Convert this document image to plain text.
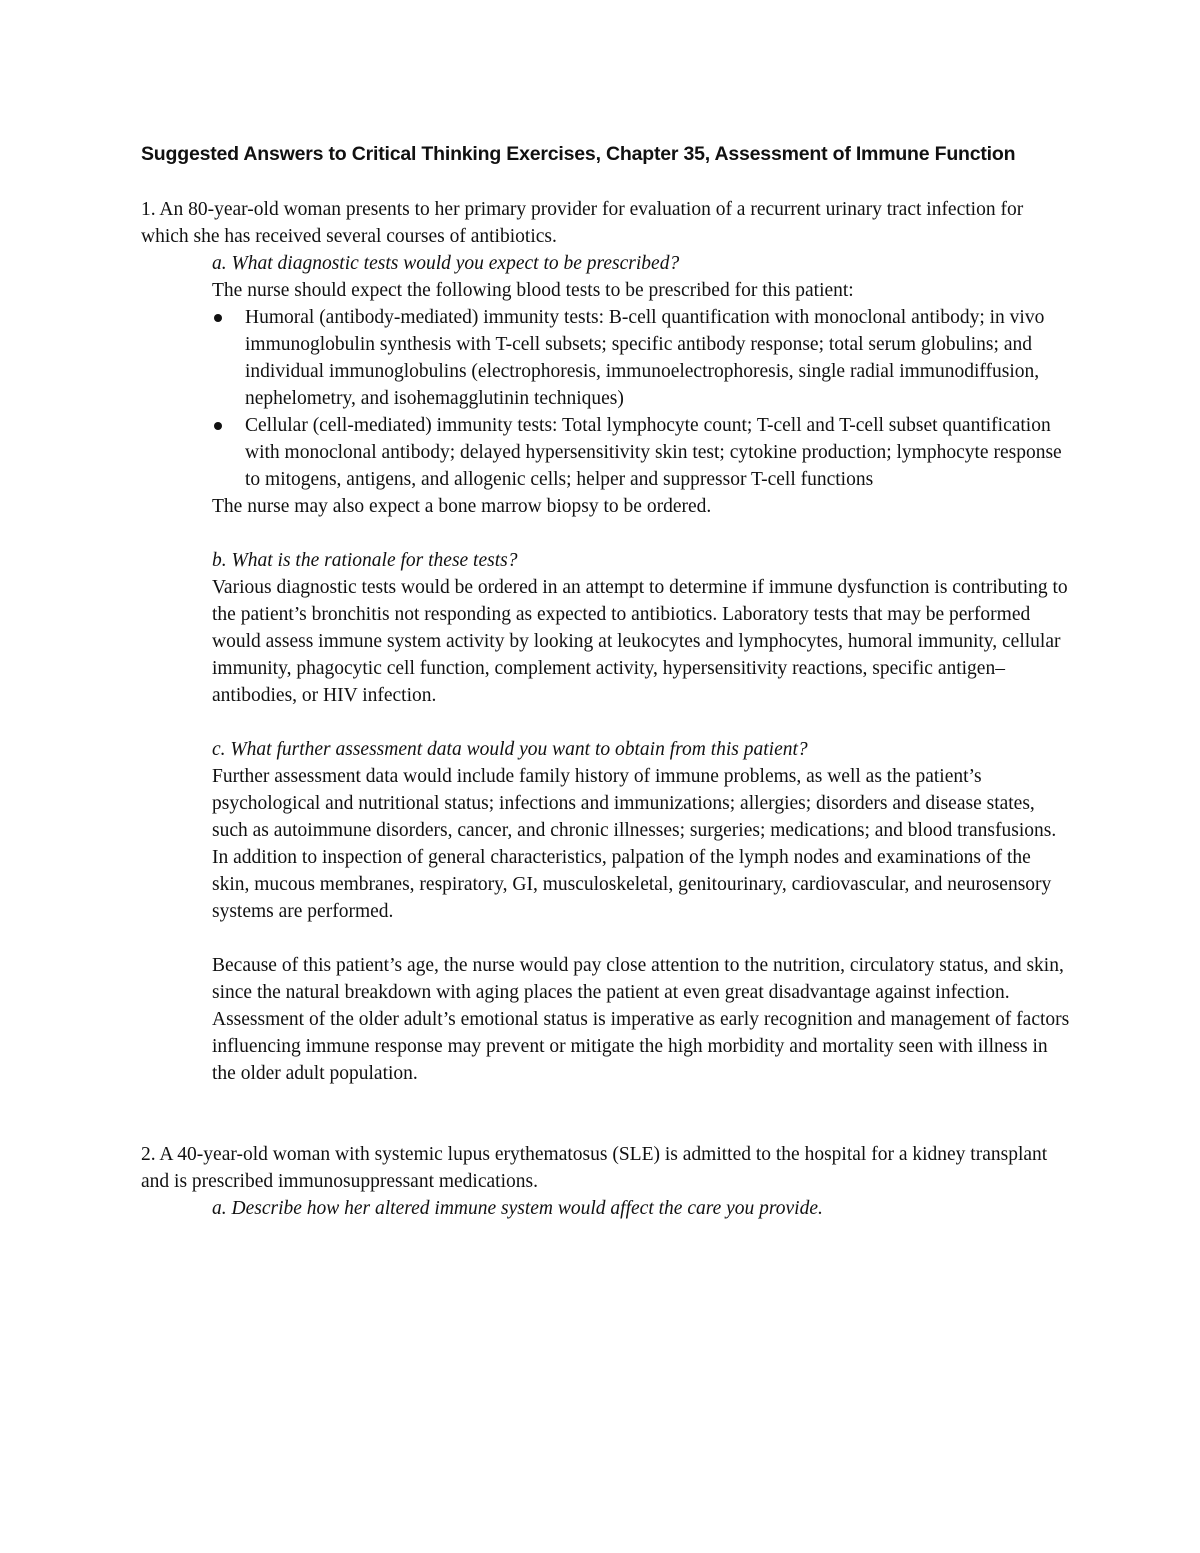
Suggested Answers to Critical Thinking Exercises, Chapter 35, Assessment of Immune Function

1. An 80-year-old woman presents to her primary provider for evaluation of a recurrent urinary tract infection for which she has received several courses of antibiotics.

a. What diagnostic tests would you expect to be prescribed?

The nurse should expect the following blood tests to be prescribed for this patient:

Humoral (antibody-mediated) immunity tests: B-cell quantification with monoclonal antibody; in vivo immunoglobulin synthesis with T-cell subsets; specific antibody response; total serum globulins; and individual immunoglobulins (electrophoresis, immunoelectrophoresis, single radial immunodiffusion, nephelometry, and isohemagglutinin techniques)
Cellular (cell-mediated) immunity tests: Total lymphocyte count; T-cell and T-cell subset quantification with monoclonal antibody; delayed hypersensitivity skin test; cytokine production; lymphocyte response to mitogens, antigens, and allogenic cells; helper and suppressor T-cell functions

The nurse may also expect a bone marrow biopsy to be ordered.

b. What is the rationale for these tests?

Various diagnostic tests would be ordered in an attempt to determine if immune dysfunction is contributing to the patient’s bronchitis not responding as expected to antibiotics. Laboratory tests that may be performed would assess immune system activity by looking at leukocytes and lymphocytes, humoral immunity, cellular immunity, phagocytic cell function, complement activity, hypersensitivity reactions, specific antigen–antibodies, or HIV infection.

c. What further assessment data would you want to obtain from this patient?

Further assessment data would include family history of immune problems, as well as the patient’s psychological and nutritional status; infections and immunizations; allergies; disorders and disease states, such as autoimmune disorders, cancer, and chronic illnesses; surgeries; medications; and blood transfusions. In addition to inspection of general characteristics, palpation of the lymph nodes and examinations of the skin, mucous membranes, respiratory, GI, musculoskeletal, genitourinary, cardiovascular, and neurosensory systems are performed.

Because of this patient’s age, the nurse would pay close attention to the nutrition, circulatory status, and skin, since the natural breakdown with aging places the patient at even great disadvantage against infection. Assessment of the older adult’s emotional status is imperative as early recognition and management of factors influencing immune response may prevent or mitigate the high morbidity and mortality seen with illness in the older adult population.

2. A 40-year-old woman with systemic lupus erythematosus (SLE) is admitted to the hospital for a kidney transplant and is prescribed immunosuppressant medications.

a. Describe how her altered immune system would affect the care you provide.
